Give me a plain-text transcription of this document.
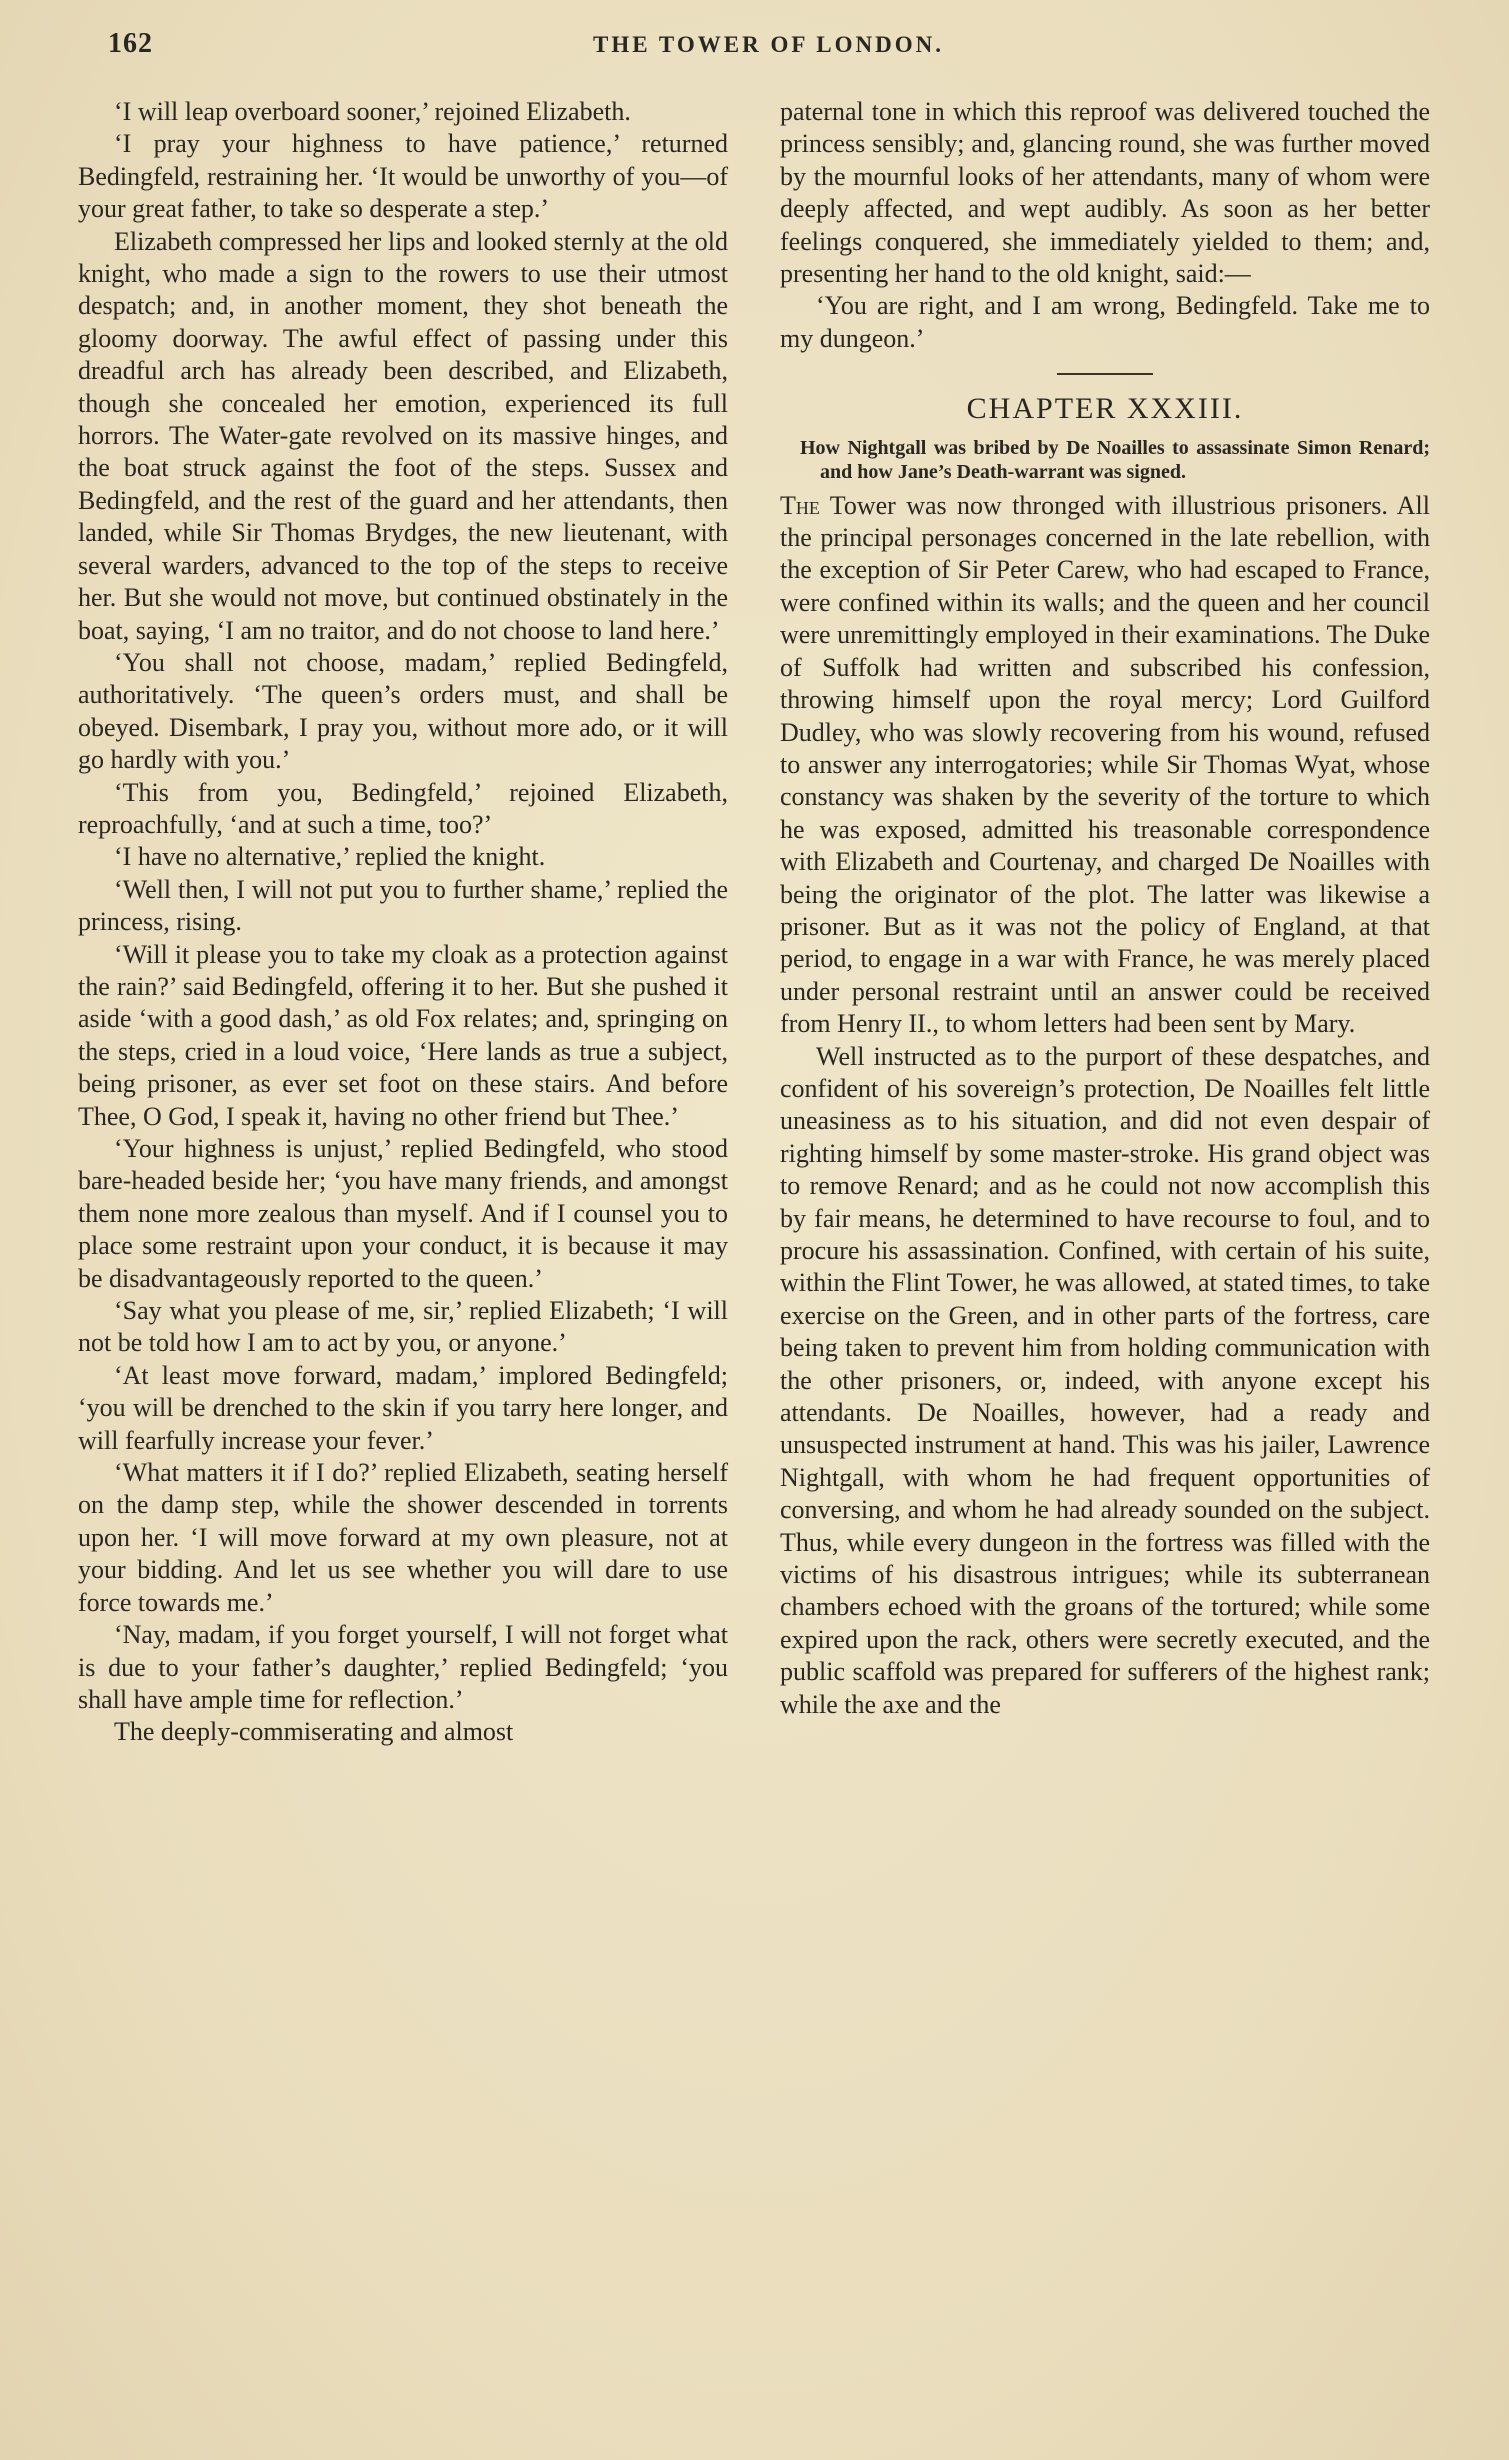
162	THE TOWER OF LONDON.

‘I will leap overboard sooner,’ rejoined Elizabeth.

‘I pray your highness to have patience,’ returned Bedingfeld, restraining her. ‘It would be unworthy of you—of your great father, to take so desperate a step.’

Elizabeth compressed her lips and looked sternly at the old knight, who made a sign to the rowers to use their utmost despatch; and, in another moment, they shot beneath the gloomy doorway. The awful effect of passing under this dreadful arch has already been described, and Elizabeth, though she concealed her emotion, experienced its full horrors. The Water-gate revolved on its massive hinges, and the boat struck against the foot of the steps. Sussex and Bedingfeld, and the rest of the guard and her attendants, then landed, while Sir Thomas Brydges, the new lieutenant, with several warders, advanced to the top of the steps to receive her. But she would not move, but continued obstinately in the boat, saying, ‘I am no traitor, and do not choose to land here.’

‘You shall not choose, madam,’ replied Bedingfeld, authoritatively. ‘The queen’s orders must, and shall be obeyed. Disembark, I pray you, without more ado, or it will go hardly with you.’

‘This from you, Bedingfeld,’ rejoined Elizabeth, reproachfully, ‘and at such a time, too?’

‘I have no alternative,’ replied the knight.

‘Well then, I will not put you to further shame,’ replied the princess, rising.

‘Will it please you to take my cloak as a protection against the rain?’ said Bedingfeld, offering it to her. But she pushed it aside ‘with a good dash,’ as old Fox relates; and, springing on the steps, cried in a loud voice, ‘Here lands as true a subject, being prisoner, as ever set foot on these stairs. And before Thee, O God, I speak it, having no other friend but Thee.’

‘Your highness is unjust,’ replied Bedingfeld, who stood bare-headed beside her; ‘you have many friends, and amongst them none more zealous than myself. And if I counsel you to place some restraint upon your conduct, it is because it may be disadvantageously reported to the queen.’

‘Say what you please of me, sir,’ replied Elizabeth; ‘I will not be told how I am to act by you, or anyone.’

‘At least move forward, madam,’ implored Bedingfeld; ‘you will be drenched to the skin if you tarry here longer, and will fearfully increase your fever.’

‘What matters it if I do?’ replied Elizabeth, seating herself on the damp step, while the shower descended in torrents upon her. ‘I will move forward at my own pleasure, not at your bidding. And let us see whether you will dare to use force towards me.’

‘Nay, madam, if you forget yourself, I will not forget what is due to your father’s daughter,’ replied Bedingfeld; ‘you shall have ample time for reflection.’

The deeply-commiserating and almost

paternal tone in which this reproof was delivered touched the princess sensibly; and, glancing round, she was further moved by the mournful looks of her attendants, many of whom were deeply affected, and wept audibly. As soon as her better feelings conquered, she immediately yielded to them; and, presenting her hand to the old knight, said:—

‘You are right, and I am wrong, Bedingfeld. Take me to my dungeon.’

CHAPTER XXXIII.
How Nightgall was bribed by De Noailles to assassinate Simon Renard; and how Jane’s Death-warrant was signed.

The Tower was now thronged with illustrious prisoners. All the principal personages concerned in the late rebellion, with the exception of Sir Peter Carew, who had escaped to France, were confined within its walls; and the queen and her council were unremittingly employed in their examinations. The Duke of Suffolk had written and subscribed his confession, throwing himself upon the royal mercy; Lord Guilford Dudley, who was slowly recovering from his wound, refused to answer any interrogatories; while Sir Thomas Wyat, whose constancy was shaken by the severity of the torture to which he was exposed, admitted his treasonable correspondence with Elizabeth and Courtenay, and charged De Noailles with being the originator of the plot. The latter was likewise a prisoner. But as it was not the policy of England, at that period, to engage in a war with France, he was merely placed under personal restraint until an answer could be received from Henry II., to whom letters had been sent by Mary.

Well instructed as to the purport of these despatches, and confident of his sovereign’s protection, De Noailles felt little uneasiness as to his situation, and did not even despair of righting himself by some master-stroke. His grand object was to remove Renard; and as he could not now accomplish this by fair means, he determined to have recourse to foul, and to procure his assassination. Confined, with certain of his suite, within the Flint Tower, he was allowed, at stated times, to take exercise on the Green, and in other parts of the fortress, care being taken to prevent him from holding communication with the other prisoners, or, indeed, with anyone except his attendants. De Noailles, however, had a ready and unsuspected instrument at hand. This was his jailer, Lawrence Nightgall, with whom he had frequent opportunities of conversing, and whom he had already sounded on the subject. Thus, while every dungeon in the fortress was filled with the victims of his disastrous intrigues; while its subterranean chambers echoed with the groans of the tortured; while some expired upon the rack, others were secretly executed, and the public scaffold was prepared for sufferers of the highest rank; while the axe and the
